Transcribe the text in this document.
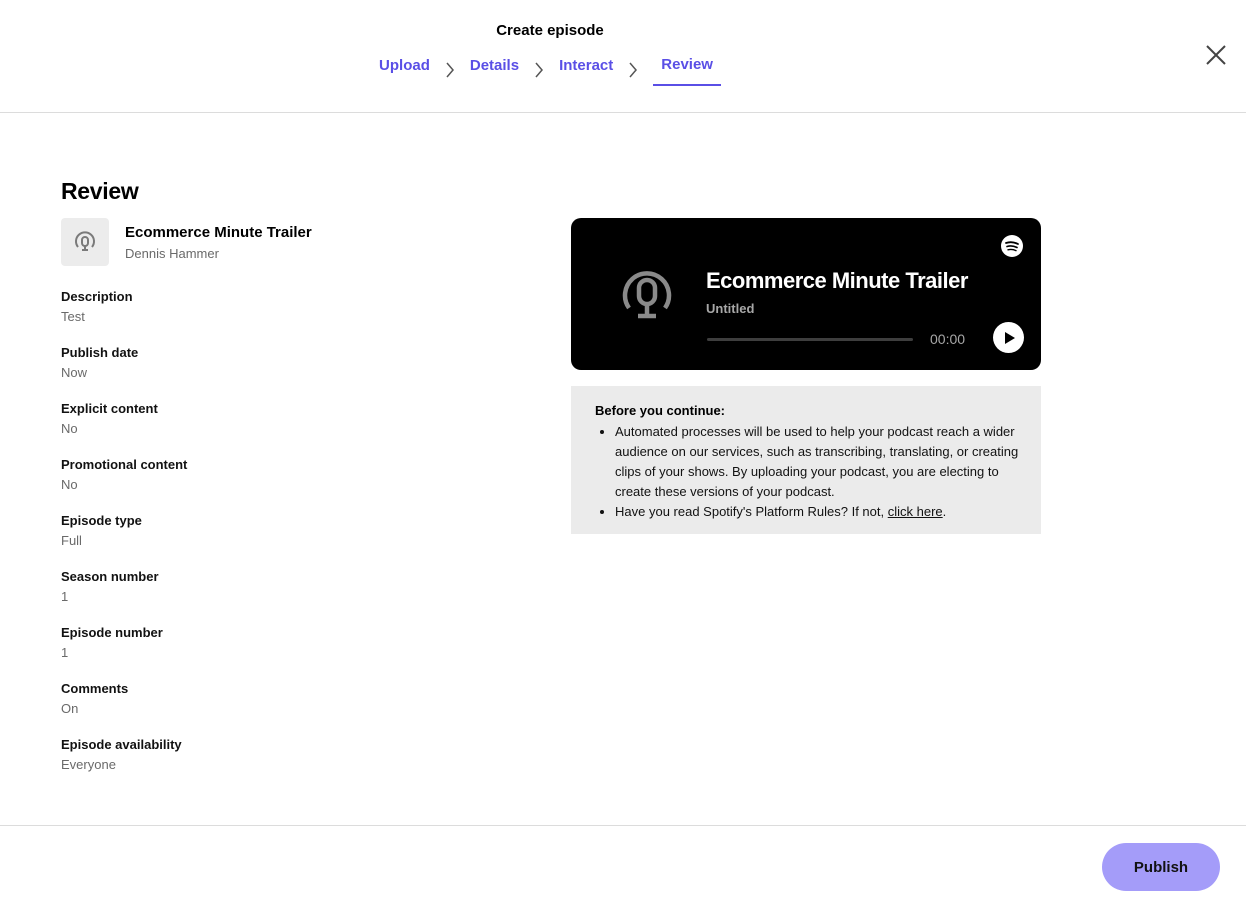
Create episode
Upload	Details	Interact	Review
Review
Ecommerce Minute Trailer
Dennis Hammer
Description
Test
Publish date
Now
Explicit content
No
Promotional content
No
Episode type
Full
Season number
1
Episode number
1
Comments
On
Episode availability
Everyone
Ecommerce Minute Trailer
Untitled
00:00
Before you continue:
• Automated processes will be used to help your podcast reach a wider audience on our services, such as transcribing, translating, or creating clips of your shows. By uploading your podcast, you are electing to create these versions of your podcast.
• Have you read Spotify's Platform Rules? If not, click here.
Publish
